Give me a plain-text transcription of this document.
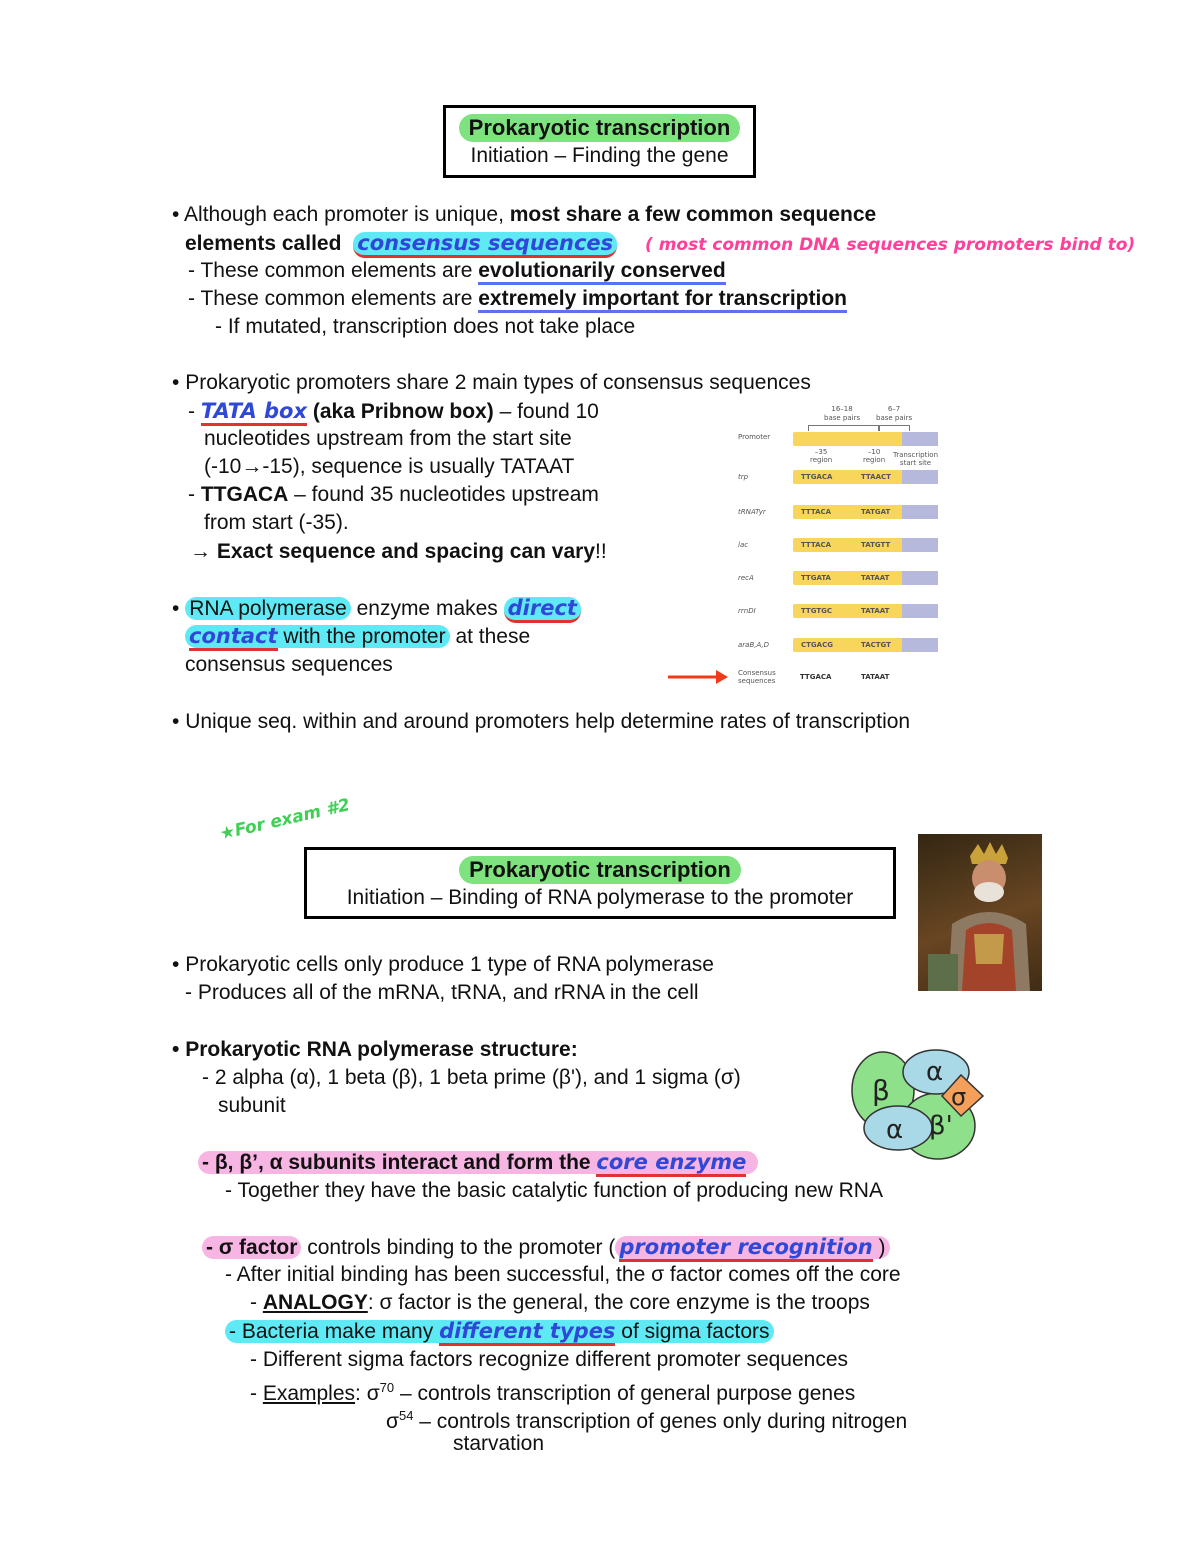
Prokaryotic transcription
Initiation – Finding the gene
• Although each promoter is unique, most share a few common sequence
elements called consensus sequences ( most common DNA sequences promoters bind to)
- These common elements are evolutionarily conserved
- These common elements are extremely important for transcription
- If mutated, transcription does not take place
• Prokaryotic promoters share 2 main types of consensus sequences
- TATA box (aka Pribnow box) – found 10
nucleotides upstream from the start site
(-10→-15), sequence is usually TATAAT
- TTGACA – found 35 nucleotides upstream
from start (-35).
→ Exact sequence and spacing can vary!!
• RNA polymerase enzyme makes direct
contact with the promoter at these
consensus sequences
• Unique seq. within and around promoters help determine rates of transcription
16–18
base pairs
6–7
base pairs
Promoter
–35
region
–10
region
Transcription
start site
trp	TTGACA	TTAACT
tRNATyr	TTTACA	TATGAT
lac	TTTACA	TATGTT
recA	TTGATA	TATAAT
rrnDI	TTGTGC	TATAAT
araB,A,D	CTGACG	TACTGT
Consensus
sequences	TTGACA	TATAAT
★For exam #2
Prokaryotic transcription
Initiation – Binding of RNA polymerase to the promoter
• Prokaryotic cells only produce 1 type of RNA polymerase
- Produces all of the mRNA, tRNA, and rRNA in the cell
• Prokaryotic RNA polymerase structure:
- 2 alpha (α), 1 beta (β), 1 beta prime (β'), and 1 sigma (σ)
subunit	β
α
σ
α β'
- β, β’, α subunits interact and form the core enzyme
- Together they have the basic catalytic function of producing new RNA
- σ factor controls binding to the promoter ( promoter recognition )
- After initial binding has been successful, the σ factor comes off the core
- ANALOGY: σ factor is the general, the core enzyme is the troops
- Bacteria make many different types of sigma factors
- Different sigma factors recognize different promoter sequences
- Examples: $\sigma^{70}$ – controls transcription of general purpose genes
$\sigma^{54}$ – controls transcription of genes only during nitrogen
starvation
